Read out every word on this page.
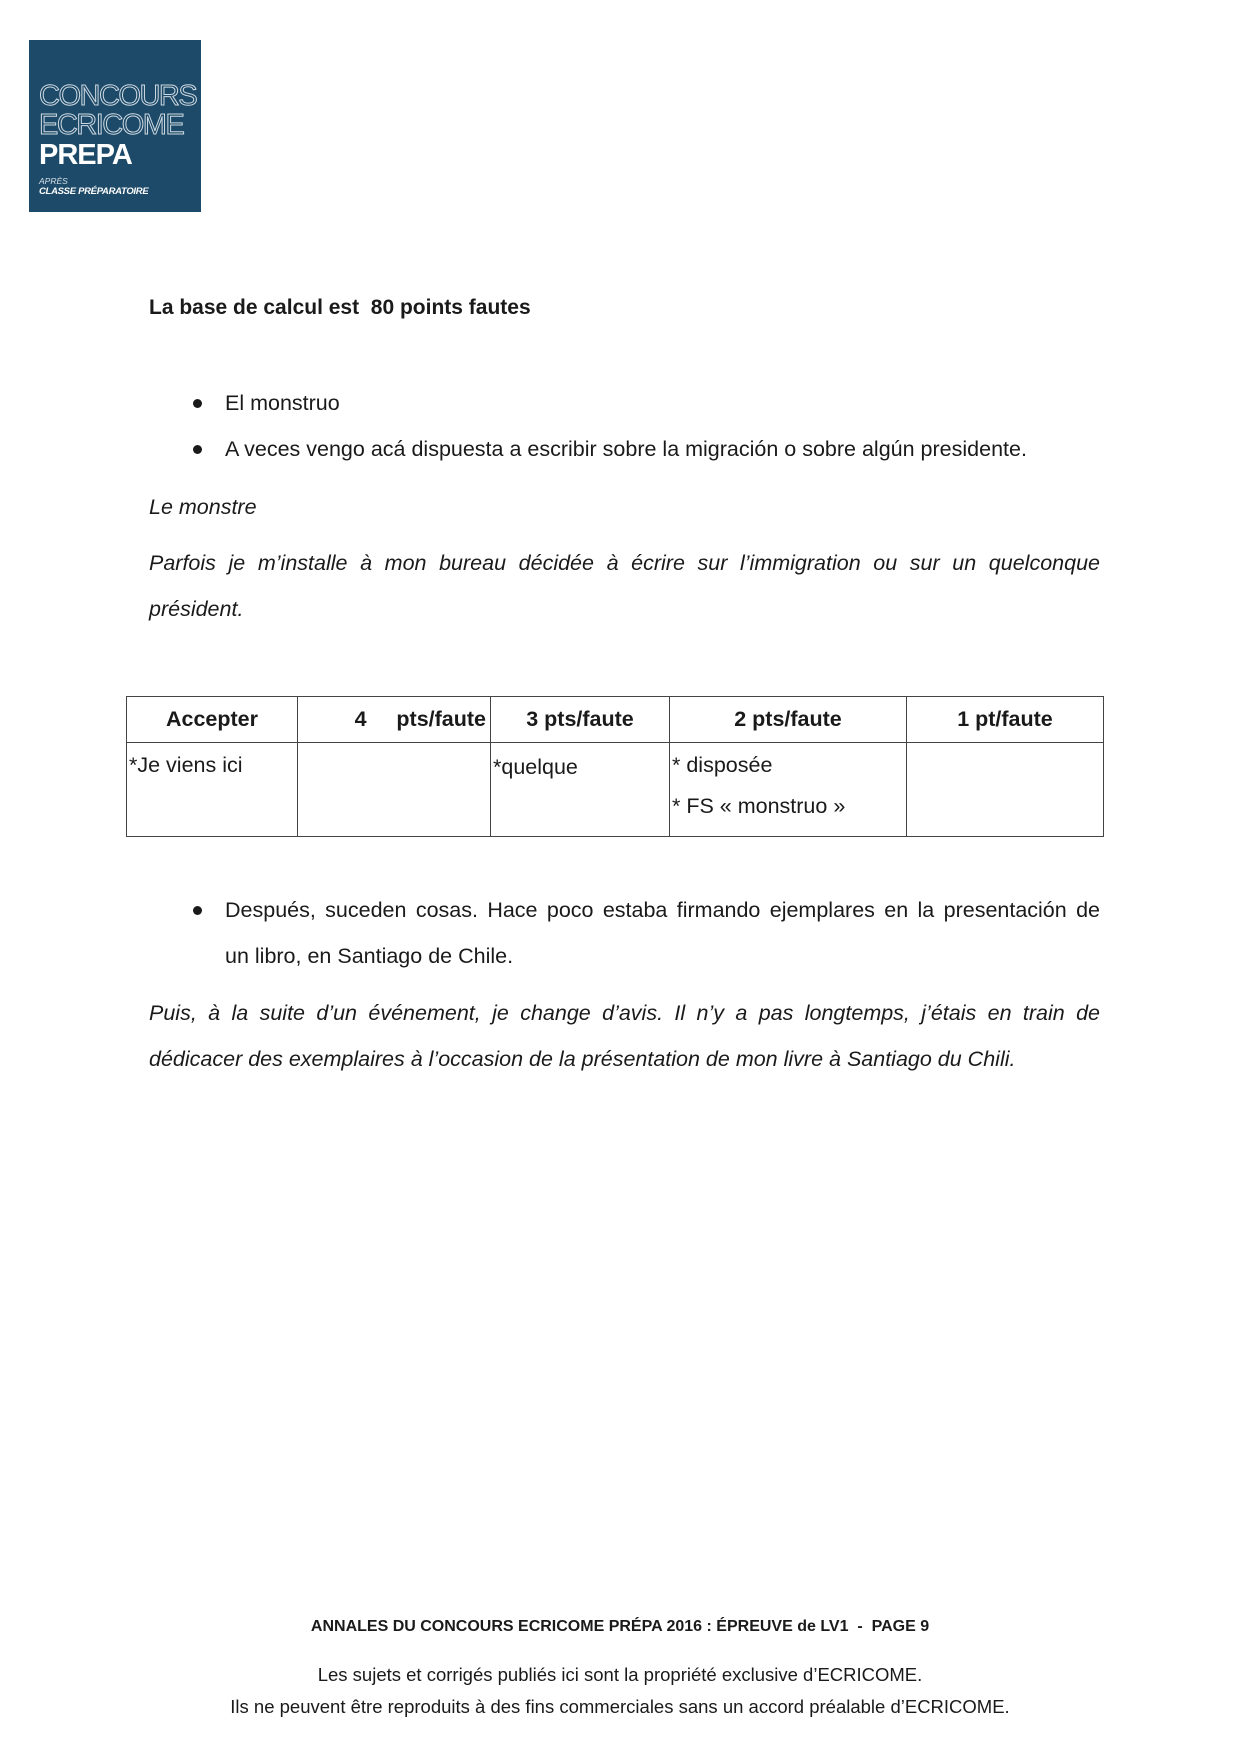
CONCOURS
ECRICOME
PREPA
APRÈS
CLASSE PRÉPARATOIRE
La base de calcul est  80 points fautes
El monstruo
A veces vengo acá dispuesta a escribir sobre la migración o sobre algún presidente.
Le monstre
Parfois je m’installe à mon bureau décidée à écrire sur l’immigration ou sur un quelconque
président.
Accepter	4     pts/faute	3 pts/faute	2 pts/faute	1 pt/faute

*Je viens ici		*quelque	* disposée
* FS « monstruo »	

Después, suceden cosas. Hace poco estaba firmando ejemplares en la presentación de
un libro, en Santiago de Chile.
Puis, à la suite d’un événement, je change d’avis. Il n’y a pas longtemps, j’étais en train de
dédicacer des exemplaires à l’occasion de la présentation de mon livre à Santiago du Chili.
ANNALES DU CONCOURS ECRICOME PRÉPA 2016 : ÉPREUVE de LV1  -  PAGE 9
Les sujets et corrigés publiés ici sont la propriété exclusive d’ECRICOME.
Ils ne peuvent être reproduits à des fins commerciales sans un accord préalable d’ECRICOME.
